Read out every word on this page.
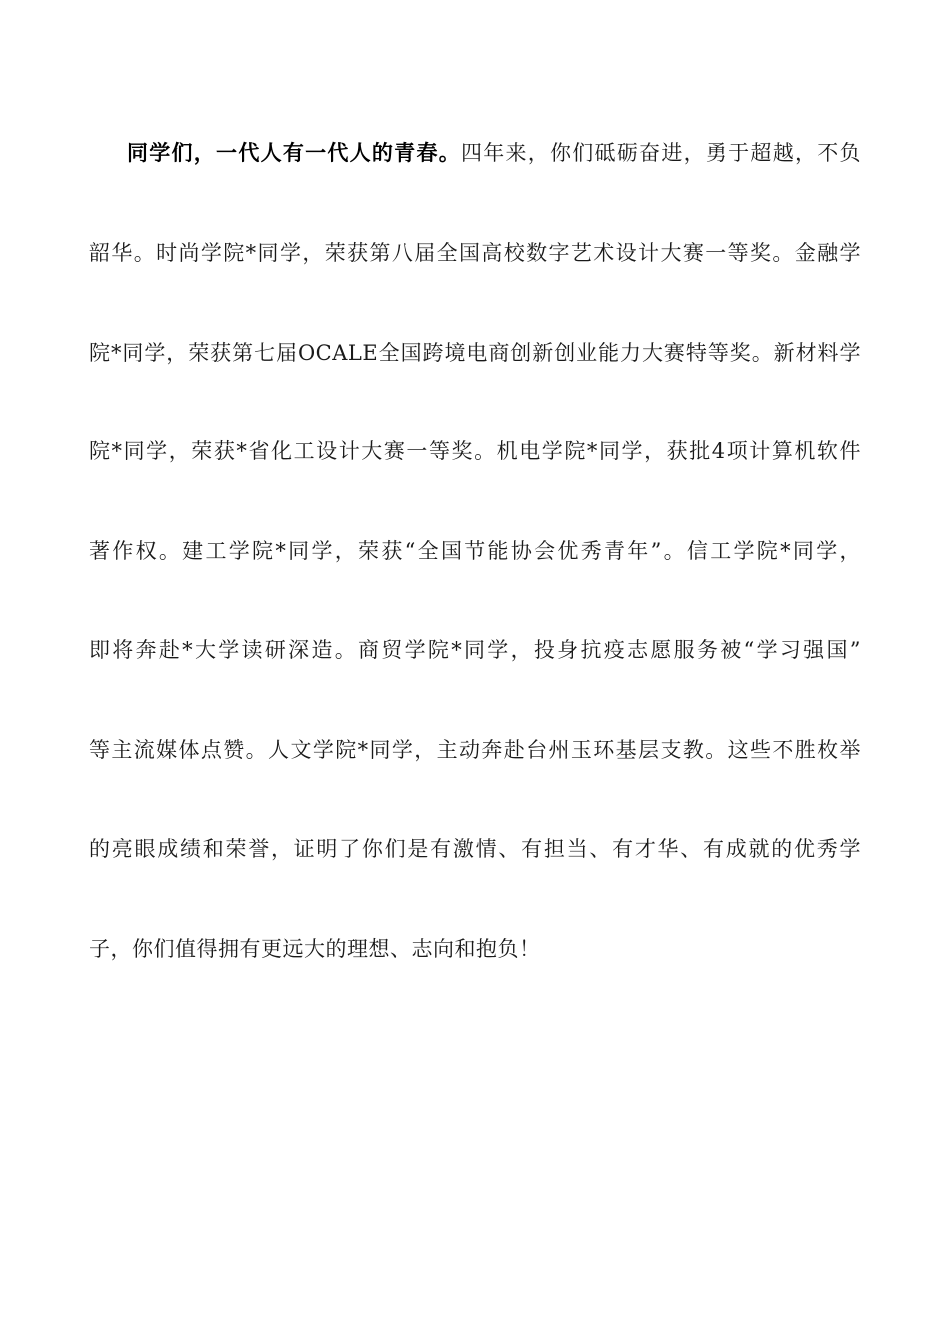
同学们，一代人有一代人的青春。四年来，你们砥砺奋进，勇于超越，不负
韶华。时尚学院*同学，荣获第八届全国高校数字艺术设计大赛一等奖。金融学
院*同学，荣获第七届OCALE全国跨境电商创新创业能力大赛特等奖。新材料学
院*同学，荣获*省化工设计大赛一等奖。机电学院*同学，获批4项计算机软件
著作权。建工学院*同学，荣获“全国节能协会优秀青年”。信工学院*同学，
即将奔赴*大学读研深造。商贸学院*同学，投身抗疫志愿服务被“学习强国”
等主流媒体点赞。人文学院*同学，主动奔赴台州玉环基层支教。这些不胜枚举
的亮眼成绩和荣誉，证明了你们是有激情、有担当、有才华、有成就的优秀学
子，你们值得拥有更远大的理想、志向和抱负！
